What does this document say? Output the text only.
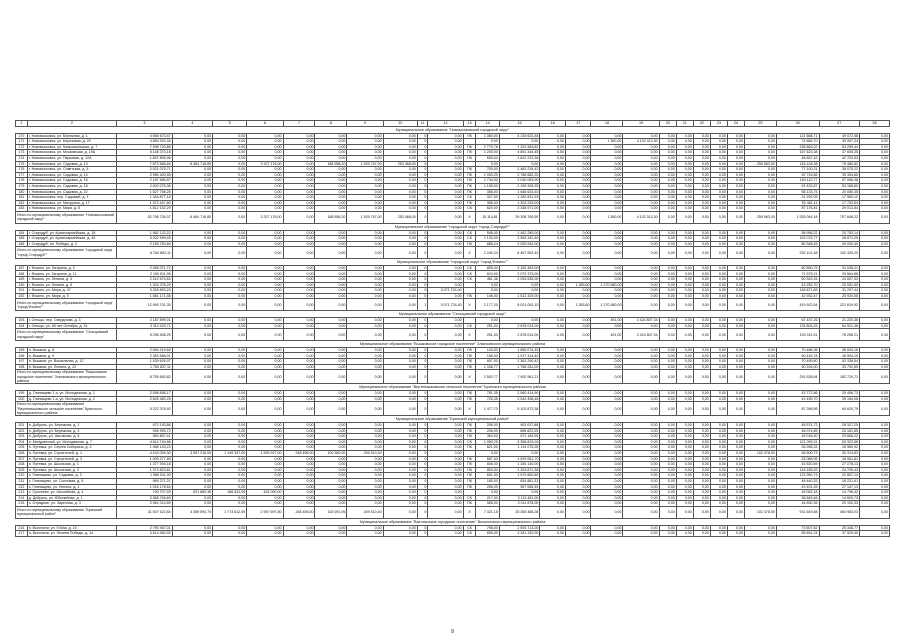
1	2	3	4	5	6	7	8	9	10	11	12	13	14	15	16	17	18	19	20	21	22	23	24	25	26	27	28
Муниципальное образование "Новомосковский городской округ"																											
170	г. Новомосковск, ул. Бережная, д. 1	4 566 673,47	0,00	0,00	0,00	0,00	0,00	0,00	0,00	0	0,00	ПК	1 360,00	4 130 623,48	0,00	0,00	0,00	0,00	0,00	0,00	0,00	0,00	0,00	0,00	121 668,71	49 072,58	0,00
171	г. Новомосковск, ул. Березовая, д. 20	4 850 924,34	0,00	0,00	0,00	0,00	0,00	0,00	0,00	0	0,00		0,00	0,00	0,00	0,00	1 360,00	4 132 313,30	0,00	0,00	0,00	0,00	0,00	0,00	74 665,70	39 997,34	0,00
172	г. Новомосковск, ул. Комсомольская, д. 7	7 598 720,86	0,00	0,00	0,00	0,00	0,00	0,00	0,00	0	0,00	ПК	2 770,76	7 291 583,82	0,00	0,00	0,00	0,00	0,00	0,00	0,00	0,00	0,00	0,00	235 863,02	53 259,44	0,00
173	г. Новомосковск, ул. Московская, д. 19А	5 148 373,18	0,00	0,00	0,00	0,00	0,00	0,00	0,00	0	0,00	ПК	1 200,00	4 891 344,45	0,00	0,00	0,00	0,00	0,00	0,00	0,00	0,00	0,00	0,00	157 623,38	37 605,35	0,00
174	г. Новомосковск, ул. Парковая, д. 12А	1 847 895,96	0,00	0,00	0,00	0,00	0,00	0,00	0,00	0	0,00	ПК	630,00	1 812 222,36	0,00	0,00	0,00	0,00	0,00	0,00	0,00	0,00	0,00	0,00	48 657,42	42 703,53	0,00
175	г. Новомосковск, ул. Садовая, д. 13	7 873 566,64	6 464 716,80	0,00	3 327 176,00	0,00	188 958,20	1 929 747,00	253 468,00	0	0,00		0,00	0,00	0,00	0,00	0,00	0,00	0,00	0,00	0,00	0,00	0,00	259 563,00	145 105,38	75 480,82	0,00
176	г. Новомосковск, ул. Советская, д. 5	2 521 075,71	0,00	0,00	0,00	0,00	0,00	0,00	0,00	0	0,00	ПК	700,00	2 481 234,42	0,00	0,00	0,00	0,00	0,00	0,00	0,00	0,00	0,00	0,00	77 100,21	36 075,22	0,00
177	г. Новомосковск, ул. Садовая, д. 14	2 985 400,55	0,00	0,00	0,00	0,00	0,00	0,00	0,00	0	0,00	ПК	1 000,20	2 786 682,20	0,00	0,00	0,00	0,00	0,00	0,00	0,00	0,00	0,00	0,00	92 716,66	39 354,60	0,00
178	г. Новомосковск, ул. Садовая, д. 16	2 187 685,87	0,00	0,00	0,00	0,00	0,00	0,00	0,00	0	0,00	ПК	1 734,00	2 030 063,90	0,00	0,00	0,00	0,00	0,00	0,00	0,00	0,00	0,00	0,00	164 112,77	57 066,38	0,00
179	г. Новомосковск, ул. Садовая, д. 18	2 402 075,36	0,00	0,00	0,00	0,00	0,00	0,00	0,00	0	0,00	ПК	1 155,00	2 199 308,35	0,00	0,00	0,00	0,00	0,00	0,00	0,00	0,00	0,00	0,00	91 433,87	53 166,60	0,00
180	г. Новомосковск, ул. Садовая, д. 22	1 627 758,25	0,00	0,00	0,00	0,00	0,00	0,00	0,00	0	0,00	ПК	356,00	1 646 633,40	0,00	0,00	0,00	0,00	0,00	0,00	0,00	0,00	0,00	0,00	56 133,75	20 080,35	0,00
181	г. Новомосковск, пер. Садовый, д. 3	1 344 877,18	0,00	0,00	0,00	0,00	0,00	0,00	0,00	0	0,00	СК	327,00	1 282 831,93	0,00	0,00	0,00	0,00	0,00	0,00	0,00	0,00	0,00	0,00	21 292,05	17 560,12	0,00
182	г. Новомосковск, ул. Мичурина, д. 17	1 372 447,80	0,00	0,00	0,00	0,00	0,00	0,00	0,00	0	0,00	ПК	356,00	1 303 233,00	0,00	0,00	0,00	0,00	0,00	0,00	0,00	0,00	0,00	0,00	52 461,11	17 753,54	0,00
183	г. Новомосковск, ул. Мира, д. 5	1 812 152,29	0,00	0,00	0,00	0,00	0,00	0,00	0,00	0	0,00	СК	620,00	2 338 971,00	0,00	0,00	0,00	0,00	0,00	0,00	0,00	0,00	0,00	0,00	87 176,81	29 013,84	0,00
Итого по муниципальному образованию "Новомосковский городской округ"		52 798 728,37	6 464 716,80	0,00	3 327 176,00	0,00	188 958,20	1 929 747,00	253 468,00	0	0,00	X	15 114,81	39 308 765,50	0,00	0,00	1 360,00	4 132 313,30	0,00	0,00	0,00	0,00	0,00	259 563,00	1 525 044,18	707 646,22	0,00
Муниципальное образование "городской округ "город Стародуб""																											
184	г. Стародуб, ул. Красноармейская, д. 18	1 582 132,22	0,00	0,00	0,00	0,00	0,00	0,00	0,00	0	0,00	СК	546,00	1 462 280,00	0,00	0,00	0,00	0,00	0,00	0,00	0,00	0,00	0,00	0,00	58 956,22	20 753,14	0,00
185	г. Стародуб, ул. Красноармейская, д. 40	3 202 999,45	0,00	0,00	0,00	0,00	0,00	0,00	0,00	0	0,00	СК	1 130,00	2 963 342,40	0,00	0,00	0,00	0,00	0,00	0,00	0,00	0,00	0,00	0,00	192 075,77	28 871,25	0,00
186	г. Стародуб, пл. Победы, д. 2	2 159 750,84	0,00	0,00	0,00	0,00	0,00	0,00	0,00	0	0,00	ПК	888,24	2 025 944,00	0,00	0,00	0,00	0,00	0,00	0,00	0,00	0,00	0,00	0,00	80 948,49	49 092,40	0,00
Итого по муниципальному образованию "городской округ "город Стародуб""		6 784 882,11	0,00	0,00	0,00	0,00	0,00	0,00	0,00	0	0,00	X	2 240,24	6 467 552,40	0,00	0,00	0,00	0,00	0,00	0,00	0,00	0,00	0,00	0,00	232 101,48	102 425,20	0,00
Муниципальное образование "городской округ "город Фокино""																											
187	г. Фокино, ул. Гагарина, д. 2	2 465 071,72	0,00	0,00	0,00	0,00	0,00	0,00	0,00	0	0,00	СК	805,00	2 152 463,00	0,00	0,00	0,00	0,00	0,00	0,00	0,00	0,00	0,00	0,00	60 550,79	31 038,21	0,00
188	г. Фокино, ул. Гагарина, д. 11	2 150 611,95	0,00	0,00	0,00	0,00	0,00	0,00	0,00	0	0,00	СК	624,00	2 072 373,00	0,00	0,00	0,00	0,00	0,00	0,00	0,00	0,00	0,00	0,00	71 575,21	29 664,86	0,00
189	г. Фокино, ул. Ленина, д. 3	2 214 674,64	0,00	0,00	0,00	0,00	0,00	0,00	0,00	0	0,00	СК	461,36	2 033 535,00	0,00	0,00	0,00	0,00	0,00	0,00	0,00	0,00	0,00	0,00	50 543,26	24 607,33	0,00
190	г. Фокино, ул. Ленина, д. 9	1 324 276,29	0,00	0,00	0,00	0,00	0,00	0,00	0,00	0	0,00		0,00	0,00	0,00	1 383,60	1 270 580,00	0,00	0,00	0,00	0,00	0,00	0,00	0,00	43 252,70	20 051,50	0,00
191	г. Фокино, ул. Мира, д. 47	3 259 893,23	0,00	0,00	0,00	0,00	0,00	0,00	0,00	0	3 071 724,40		0,00	0,00	0,00	0,00	0,00	0,00	0,00	0,00	0,00	0,00	0,00	0,00	148 871,69	31 297,44	0,00
192	г. Фокино, ул. Мира, д. 5	1 581 171,58	0,00	0,00	0,00	0,00	0,00	0,00	0,00	0	0,00	ПК	146,00	1 512 329,00	0,00	0,00	0,00	0,00	0,00	0,00	0,00	0,00	0,00	0,00	42 932,47	25 920,58	0,00
Итого по муниципальному образованию "городской округ "город Фокино""		12 995 701,35	0,00	0,00	0,00	0,00	0,00	0,00	0,00	1	3 071 724,40	X	2 177,20	8 021 052,10	0,00	1 383,60	1 270 580,00	0,00	0,00	0,00	0,00	0,00	0,00	0,00	419 922,54	221 619,92	0,00
Муниципальное образование "Сельцовский городской округ"																											
193	г. Сельцо, пер. Свердлова, д. 3	2 187 899,01	0,00	0,00	0,00	0,00	0,00	0,00	0,00	0	0,00		0,00	0,00	0,00	0,00	491,00	2 424 807,34	0,00	0,00	0,00	0,00	0,00	0,00	67 437,26	21 220,36	0,00
194	г. Сельцо, ул. 60 лет Октября, д. 31	3 110 429,71	0,00	0,00	0,00	0,00	0,00	0,00	0,00	0	0,00	СК	251,00	2 878 014,00	0,00	0,00	0,00	0,00	0,00	0,00	0,00	0,00	0,00	0,00	134 804,25	54 921,46	0,00
Итого по муниципальному образованию "Сельцовский городской округ"		5 298 408,25	0,00	0,00	0,00	0,00	0,00	0,00	0,00	0	0,00	X	251,00	2 878 014,00	0,00	0,00	491,00	2 424 807,34	0,00	0,00	0,00	0,00	0,00	0,00	193 241,51	76 258,21	0,00
Муниципальное образование "Вышковское городское поселение" Злынковского муниципального района																											
195	п. Вышков, д. 8	2 064 219,69	0,00	0,00	0,00	0,00	0,00	0,00	0,00	0	0,00	ПК	143,00	1 856 074,40	0,00	0,00	0,00	0,00	0,00	0,00	0,00	0,00	0,00	0,00	70 486,36	46 004,16	0,00
196	п. Вышков, д. 9	2 383 588,01	0,00	0,00	0,00	0,00	0,00	0,00	0,00	0	0,00	ПК	156,00	1 917 314,40	0,00	0,00	0,00	0,00	0,00	0,00	0,00	0,00	0,00	0,00	90 416,78	45 594,15	0,00
197	п. Вышков, ул. Вокзальная, д. 12	1 439 626,97	0,00	0,00	0,00	0,00	0,00	0,00	0,00	0	0,00	ПК	847,00	2 363 290,42	0,00	0,00	0,00	0,00	0,00	0,00	0,00	0,00	0,00	0,00	70 499,80	52 338,54	0,00
198	п. Вышков, ул. Ленина, д. 22	1 760 837,11	0,00	0,00	0,00	0,00	0,00	0,00	0,00	0	0,00	ПК	1 336,77	1 766 281,00	0,00	0,00	0,00	0,00	0,00	0,00	0,00	0,00	0,00	0,00	60 226,00	33 792,60	0,00
Итого по муниципальному образованию "Вышковское городское поселение" Злынковского муниципального района		8 755 650,82	0,00	0,00	0,00	0,00	0,00	0,00	0,00	0	0,00	X	2 552,77	7 902 961,21	0,00	0,00	0,00	0,00	0,00	0,00	0,00	0,00	0,00	0,00	291 628,94	182 729,71	0,00
Муниципальное образование "Вертелишковское сельское поселение" Брянского муниципального района																											
199	д. Глинищево 1-я, ул. Молодежная, д. 1	2 598 898,17	0,00	0,00	0,00	0,00	0,00	0,00	0,00	0	0,00	ПК	751,35	2 560 414,90	0,00	0,00	0,00	0,00	0,00	0,00	0,00	0,00	0,00	0,00	43 772,86	25 456,73	0,00
200	д. Глинищево 1-я, ул. Молодежная, д. 2	2 625 480,25	0,00	0,00	0,00	0,00	0,00	0,00	0,00	0	0,00	ПК	726,35	2 543 458,48	0,00	0,00	0,00	0,00	0,00	0,00	0,00	0,00	0,00	0,00	43 495,70	39 164,06	0,00
Итого по муниципальному образованию "Вертелишковское сельское поселение" Брянского муниципального района		5 222 378,92	0,00	0,00	0,00	0,00	0,00	0,00	0,00	0	0,00	X	1 477,70	5 103 873,38	0,00	0,00	0,00	0,00	0,00	0,00	0,00	0,00	0,00	0,00	87 268,56	64 620,79	0,00
Муниципальное образование "Брянский муниципальный район"																											
201	п. Добрунь, ул. Бережная, д. 1	973 193,88	0,00	0,00	0,00	0,00	0,00	0,00	0,00	0	0,00	ПК	206,00	903 037,88	0,00	0,00	0,00	0,00	0,00	0,00	0,00	0,00	0,00	0,00	48 574,73	28 327,25	0,00
202	п. Добрунь, ул. Бережная, д. 3	945 999,72	0,00	0,00	0,00	0,00	0,00	0,00	0,00	0	0,00	ПК	206,00	898 822,00	0,00	0,00	0,00	0,00	0,00	0,00	0,00	0,00	0,00	0,00	46 074,85	24 161,55	0,00
203	п. Добрунь, ул. Школьная, д. 5	983 857,41	0,00	0,00	0,00	0,00	0,00	0,00	0,00	0	0,00	ПК	364,00	971 184,00	0,00	0,00	0,00	0,00	0,00	0,00	0,00	0,00	0,00	0,00	49 018,30	23 666,22	0,00
204	п. Мичуринский, ул. Молодежная, д. 7	4 614 740,88	0,00	0,00	0,00	0,00	0,00	0,00	0,00	0	0,00	СК	1 050,25	4 356 819,00	0,00	0,00	0,00	0,00	0,00	0,00	0,00	0,00	0,00	0,00	121 093,31	63 323,56	0,00
205	п. Путевка, ул. Сергея Сибирина, д. 2	1 068 143,23	0,00	0,00	0,00	0,00	0,00	0,00	0,00	0	0,00	ПК	621,00	1 114 075,25	0,00	0,00	0,00	0,00	0,00	0,00	0,00	0,00	0,00	0,00	26 268,33	16 560,92	0,00
206	п. Путевка, ул. Строителей, д. 1	4 103 059,30	3 597 216,00	1 149 337,00	1 539 927,00	248 455,00	100 380,00	249 410,40	0,00	0	0,00		0,00	0,00	0,00	0,00	0,00	0,00	0,00	0,00	0,00	0,00	0,00	102 478,50	56 600,73	30 314,83	0,00
207	п. Путевка, ул. Строителей, д. 3	1 005 277,89	0,00	0,00	0,00	0,00	0,00	0,00	0,00	0	0,00	ПК	657,00	1 029 061,70	0,00	0,00	0,00	0,00	0,00	0,00	0,00	0,00	0,00	0,00	53 085,95	18 061,81	0,00
208	п. Путевка, ул. Школьная, д. 1	1 377 939,18	0,00	0,00	0,00	0,00	0,00	0,00	0,00	0	0,00	ПК	606,00	1 345 140,00	0,00	0,00	0,00	0,00	0,00	0,00	0,00	0,00	0,00	0,00	43 520,69	27 278,13	0,00
209	п. Путевка, ул. Школьная, д. 3	1 373 823,61	0,00	0,00	0,00	0,00	0,00	0,00	0,00	0	0,00	ПК	803,00	1 303 871,38	0,00	0,00	0,00	0,00	0,00	0,00	0,00	0,00	0,00	0,00	115 156,53	24 795,43	0,00
210	с. Глинищево, ул. Садовая, д. 3	1 986 511,90	0,00	0,00	0,00	0,00	0,00	0,00	0,00	0	0,00	ПК	601,00	1 570 850,80	0,00	0,00	0,00	0,00	0,00	0,00	0,00	0,00	0,00	0,00	123 950,73	22 807,14	0,00
211	с. Глинищево, ул. Сосновая, д. 5	969 271,21	0,00	0,00	0,00	0,00	0,00	0,00	0,00	0	0,00	ПК	180,00	834 881,33	0,00	0,00	0,00	0,00	0,00	0,00	0,00	0,00	0,00	0,00	48 440,33	18 221,61	0,00
212	с. Глинищево, ул. Ленина, д. 1	1 016 178,64	0,00	0,00	0,00	0,00	0,00	0,00	0,00	0	0,00	ПК	256,00	957 066,49	0,00	0,00	0,00	0,00	0,00	0,00	0,00	0,00	0,00	0,00	43 401,26	27 147,13	0,00
213	с. Супонево, ул. Шоссейная, д. 4	700 707,49	521 860,36	186 531,06	424 000,00	0,00	0,00	0,00	0,00	0	0,00		0,00	0,00	0,00	0,00	0,00	0,00	0,00	0,00	0,00	0,00	0,00	0,00	49 052,18	14 796,42	0,00
214	д. Добрунь, ул. Юбилейная, д. 1	3 368 746,69	0,00	0,00	0,00	0,00	0,00	0,00	0,00	0	0,00	СК	217,00	3 113 481,00	0,00	0,00	0,00	0,00	0,00	0,00	0,00	0,00	0,00	0,00	36 845,46	14 600,73	0,00
215	с. Отрадное, ул. Заречная, д. 3	2 961 014,69	0,00	0,00	0,00	0,00	0,00	0,00	0,00	0	0,00	ПК	565,00	2 011 876,00	0,00	0,00	0,00	0,00	0,00	0,00	0,00	0,00	0,00	0,00	44 830,36	20 100,33	0,00
Итого по муниципальному образованию "Брянский муниципальный район"		31 507 522,84	4 369 594,70	1 774 612,59	2 957 697,80	248 455,00	110 091,06	249 410,40	0,00	0	0,00	X	7 321,15	25 355 488,28	0,00	0,00	0,00	0,00	0,00	0,00	0,00	0,00	0,00	102 478,50	931 649,88	464 983,03	0,00
Муниципальное образование "Выгоничское городское поселение" Выгоничского муниципального района																											
216	п. Выгоничи, ул. 9 Мая, д. 15	2 790 467,01	0,00	0,00	0,00	0,00	0,00	0,00	0,00	0	0,00	СК	798,00	2 593 713,00	0,00	0,00	0,00	0,00	0,00	0,00	0,00	0,00	0,00	0,00	73 607,52	26 346,77	0,00
217	п. Выгоничи, ул. Ленина Победы, д. 14	3 614 982,93	0,00	0,00	0,00	0,00	0,00	0,00	0,00	0	0,00	СК	695,00	3 341 330,00	0,00	0,00	0,00	0,00	0,00	0,00	0,00	0,00	0,00	0,00	65 691,24	37 529,40	0,00
9
